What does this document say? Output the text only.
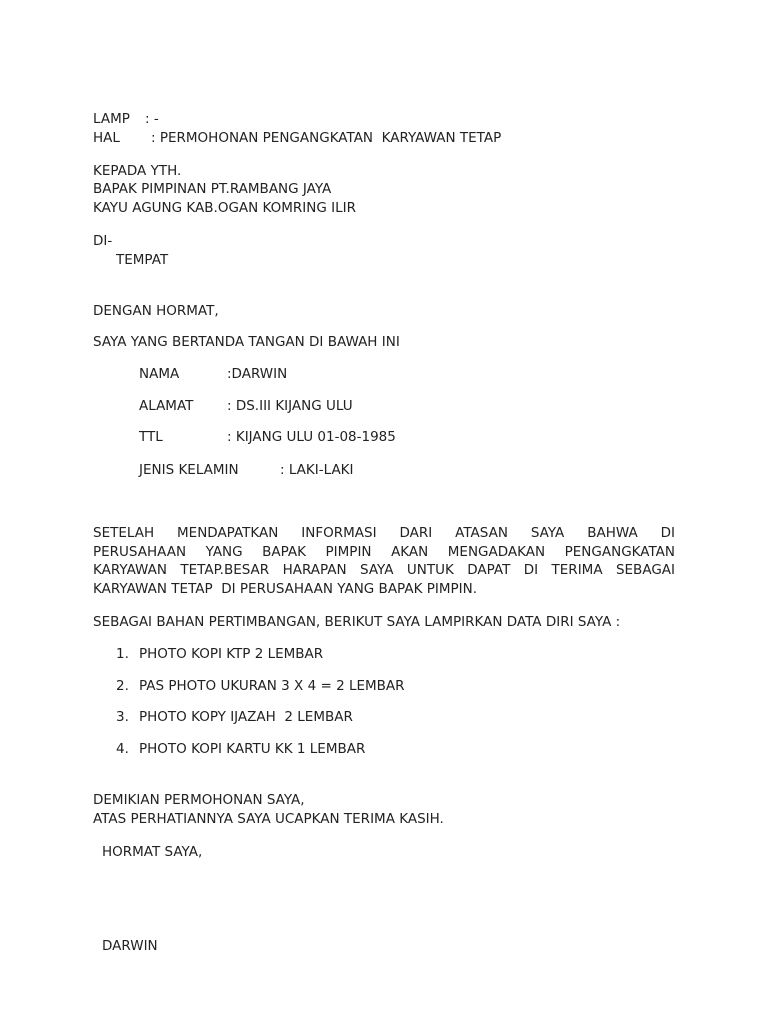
LAMP : -
HAL : PERMOHONAN PENGANGKATAN  KARYAWAN TETAP
KEPADA YTH.
BAPAK PIMPINAN PT.RAMBANG JAYA
KAYU AGUNG KAB.OGAN KOMRING ILIR
DI-
TEMPAT
DENGAN HORMAT,
SAYA YANG BERTANDA TANGAN DI BAWAH INI
NAMA	:DARWIN
ALAMAT : DS.III KIJANG ULU
TTL	: KIJANG ULU 01-08-1985
JENIS KELAMIN	: LAKI-LAKI
SETELAH MENDAPATKAN INFORMASI DARI ATASAN SAYA BAHWA DI
PERUSAHAAN YANG BAPAK PIMPIN AKAN MENGADAKAN PENGANGKATAN
KARYAWAN TETAP.BESAR HARAPAN SAYA UNTUK DAPAT DI TERIMA SEBAGAI
KARYAWAN TETAP  DI PERUSAHAAN YANG BAPAK PIMPIN.
SEBAGAI BAHAN PERTIMBANGAN, BERIKUT SAYA LAMPIRKAN DATA DIRI SAYA :
1. PHOTO KOPI KTP 2 LEMBAR
2. PAS PHOTO UKURAN 3 X 4 = 2 LEMBAR
3. PHOTO KOPY IJAZAH  2 LEMBAR
4. PHOTO KOPI KARTU KK 1 LEMBAR
DEMIKIAN PERMOHONAN SAYA,
ATAS PERHATIANNYA SAYA UCAPKAN TERIMA KASIH.
HORMAT SAYA,
DARWIN
